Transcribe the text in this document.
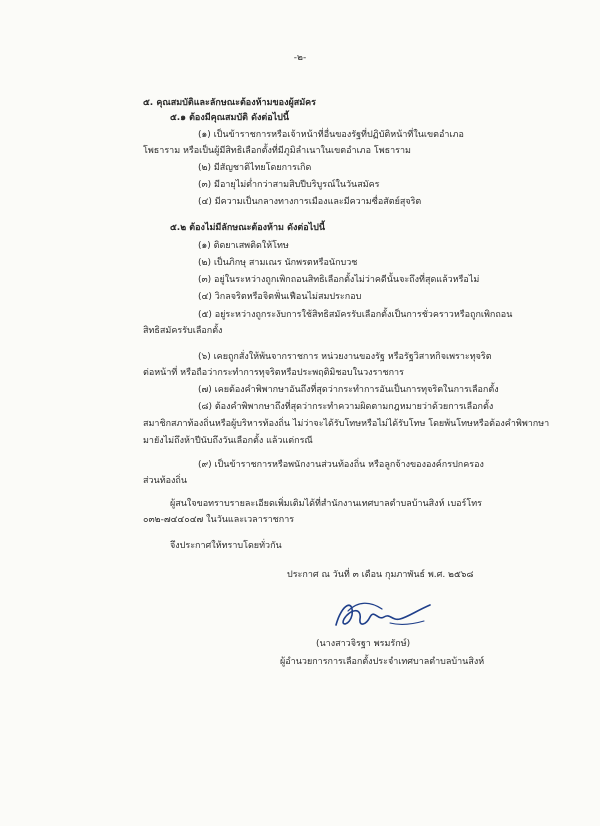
-๒-
๕. คุณสมบัติและลักษณะต้องห้ามของผู้สมัคร
๕.๑ ต้องมีคุณสมบัติ ดังต่อไปนี้
(๑) เป็นข้าราชการหรือเจ้าหน้าที่อื่นของรัฐที่ปฏิบัติหน้าที่ในเขตอำเภอ
โพธาราม หรือเป็นผู้มีสิทธิเลือกตั้งที่มีภูมิลำเนาในเขตอำเภอ โพธาราม
(๒) มีสัญชาติไทยโดยการเกิด
(๓) มีอายุไม่ต่ำกว่าสามสิบปีบริบูรณ์ในวันสมัคร
(๔) มีความเป็นกลางทางการเมืองและมีความซื่อสัตย์สุจริต
๕.๒ ต้องไม่มีลักษณะต้องห้าม ดังต่อไปนี้
(๑) ติดยาเสพติดให้โทษ
(๒) เป็นภิกษุ สามเณร นักพรตหรือนักบวช
(๓) อยู่ในระหว่างถูกเพิกถอนสิทธิเลือกตั้งไม่ว่าคดีนั้นจะถึงที่สุดแล้วหรือไม่
(๔) วิกลจริตหรือจิตฟั่นเฟือนไม่สมประกอบ
(๕) อยู่ระหว่างถูกระงับการใช้สิทธิสมัครรับเลือกตั้งเป็นการชั่วคราวหรือถูกเพิกถอน
สิทธิสมัครรับเลือกตั้ง
(๖) เคยถูกสั่งให้พ้นจากราชการ หน่วยงานของรัฐ หรือรัฐวิสาหกิจเพราะทุจริต
ต่อหน้าที่ หรือถือว่ากระทำการทุจริตหรือประพฤติมิชอบในวงราชการ
(๗) เคยต้องคำพิพากษาอันถึงที่สุดว่ากระทำการอันเป็นการทุจริตในการเลือกตั้ง
(๘) ต้องคำพิพากษาถึงที่สุดว่ากระทำความผิดตามกฎหมายว่าด้วยการเลือกตั้ง
สมาชิกสภาท้องถิ่นหรือผู้บริหารท้องถิ่น ไม่ว่าจะได้รับโทษหรือไม่ได้รับโทษ โดยพ้นโทษหรือต้องคำพิพากษา
มายังไม่ถึงห้าปีนับถึงวันเลือกตั้ง แล้วแต่กรณี
(๙) เป็นข้าราชการหรือพนักงานส่วนท้องถิ่น หรือลูกจ้างขององค์กรปกครอง
ส่วนท้องถิ่น
ผู้สนใจขอทราบรายละเอียดเพิ่มเติมได้ที่สำนักงานเทศบาลตำบลบ้านสิงห์ เบอร์โทร
๐๓๒-๗๔๔๐๔๗ ในวันและเวลาราชการ
จึงประกาศให้ทราบโดยทั่วกัน
ประกาศ ณ วันที่ ๓ เดือน กุมภาพันธ์ พ.ศ. ๒๕๖๘
(นางสาวจิรฐา พรมรักษ์)
ผู้อำนวยการการเลือกตั้งประจำเทศบาลตำบลบ้านสิงห์
